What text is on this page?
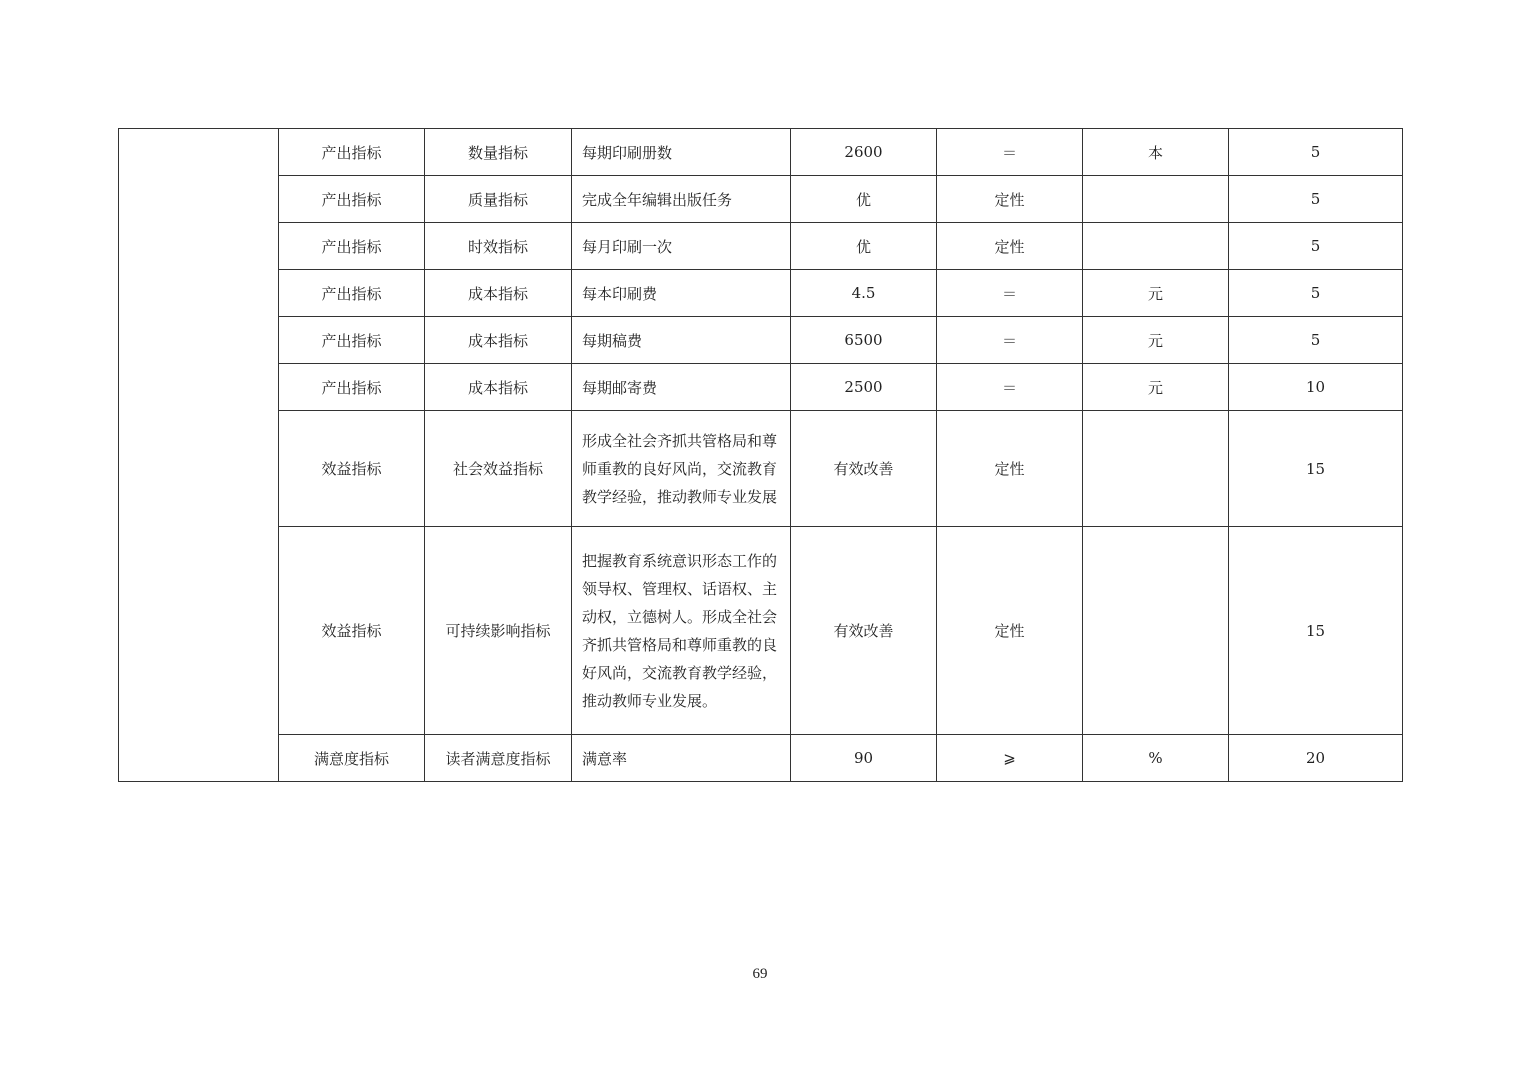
	产出指标	数量指标	每期印刷册数	2600	＝	本	5
	产出指标	质量指标	完成全年编辑出版任务	优	定性		5
	产出指标	时效指标	每月印刷一次	优	定性		5
	产出指标	成本指标	每本印刷费	4.5	＝	元	5
	产出指标	成本指标	每期稿费	6500	＝	元	5
	产出指标	成本指标	每期邮寄费	2500	＝	元	10
	效益指标	社会效益指标	形成全社会齐抓共管格局和尊师重教的良好风尚，交流教育教学经验，推动教师专业发展	有效改善	定性		15
	效益指标	可持续影响指标	把握教育系统意识形态工作的领导权、管理权、话语权、主动权，立德树人。形成全社会齐抓共管格局和尊师重教的良好风尚，交流教育教学经验，推动教师专业发展。	有效改善	定性		15
	满意度指标	读者满意度指标	满意率	90	⩾	%	20
69
